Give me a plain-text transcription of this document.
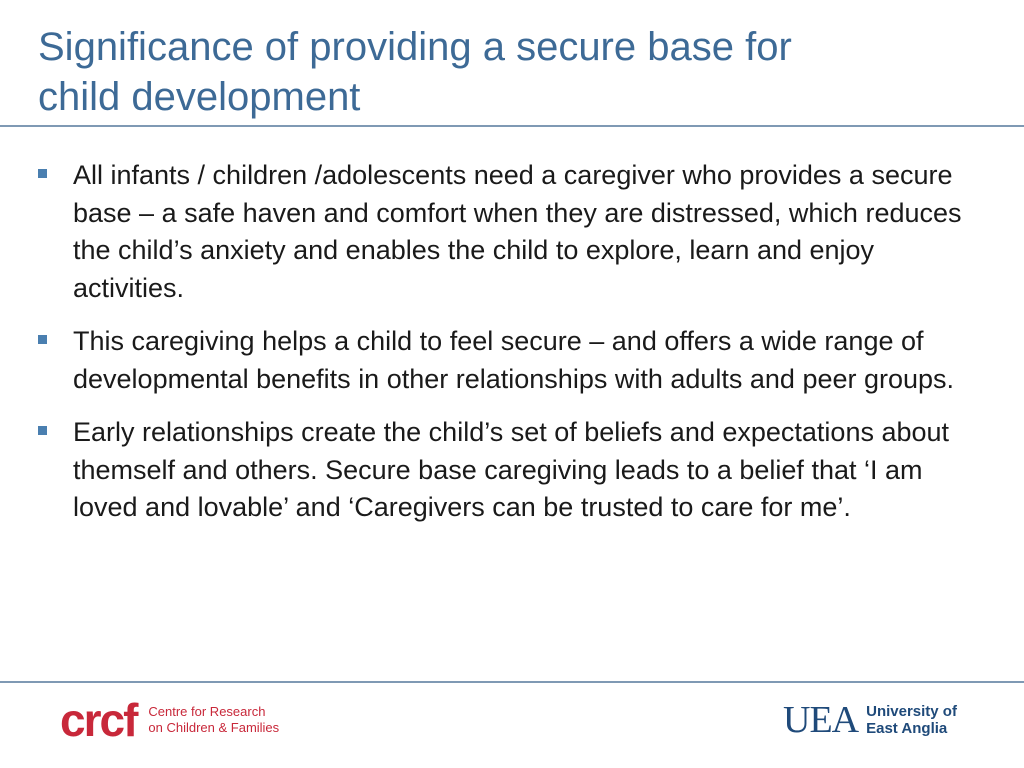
Significance of providing a secure base for
child development
All infants / children /adolescents need a caregiver who provides a secure base – a safe haven and comfort when they are distressed, which reduces the child’s anxiety and enables the child to explore, learn and enjoy activities.
This caregiving helps a child to feel secure – and offers a wide range of developmental benefits in other relationships with adults and peer groups.
Early relationships create the child’s set of beliefs and expectations about themself and others. Secure base caregiving leads to a belief that ‘I am loved and lovable’ and ‘Caregivers can be trusted to care for me’.
crcf Centre for Research
on Children & Families	UEA University of
East Anglia
